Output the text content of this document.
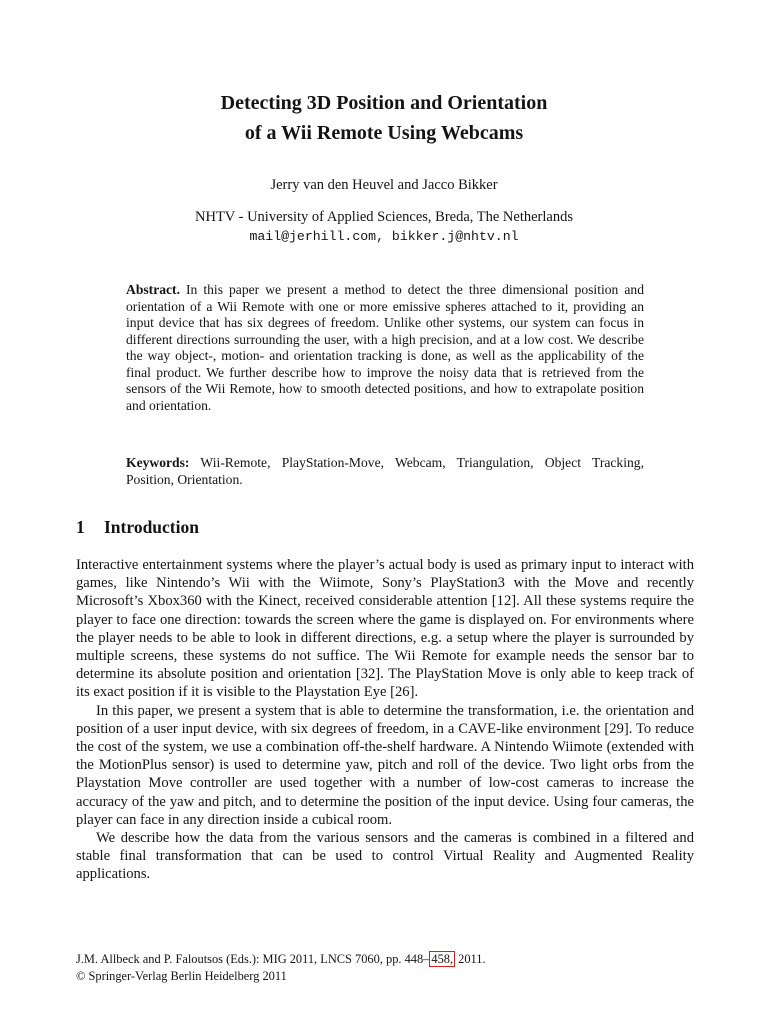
Detecting 3D Position and Orientation
of a Wii Remote Using Webcams
Jerry van den Heuvel and Jacco Bikker
NHTV - University of Applied Sciences, Breda, The Netherlands
mail@jerhill.com, bikker.j@nhtv.nl
Abstract. In this paper we present a method to detect the three dimensional position and orientation of a Wii Remote with one or more emissive spheres attached to it, providing an input device that has six degrees of freedom. Unlike other systems, our system can focus in different directions surrounding the user, with a high precision, and at a low cost. We describe the way object-, motion- and orientation tracking is done, as well as the applicability of the final product. We further describe how to improve the noisy data that is retrieved from the sensors of the Wii Remote, how to smooth detected positions, and how to extrapolate position and orientation.
Keywords: Wii-Remote, PlayStation-Move, Webcam, Triangulation, Object Tracking, Position, Orientation.
1 Introduction

Interactive entertainment systems where the player’s actual body is used as primary input to interact with games, like Nintendo’s Wii with the Wiimote, Sony’s PlayStation3 with the Move and recently Microsoft’s Xbox360 with the Kinect, received considerable attention [12]. All these systems require the player to face one direction: towards the screen where the game is displayed on. For environments where the player needs to be able to look in different directions, e.g. a setup where the player is surrounded by multiple screens, these systems do not suffice. The Wii Remote for example needs the sensor bar to determine its absolute position and orientation [32]. The PlayStation Move is only able to keep track of its exact position if it is visible to the Playstation Eye [26].

In this paper, we present a system that is able to determine the transformation, i.e. the orientation and position of a user input device, with six degrees of freedom, in a CAVE-like environment [29]. To reduce the cost of the system, we use a combination off-the-shelf hardware. A Nintendo Wiimote (extended with the MotionPlus sensor) is used to determine yaw, pitch and roll of the device. Two light orbs from the Playstation Move controller are used together with a number of low-cost cameras to increase the accuracy of the yaw and pitch, and to determine the position of the input device. Using four cameras, the player can face in any direction inside a cubical room.

We describe how the data from the various sensors and the cameras is combined in a filtered and stable final transformation that can be used to control Virtual Reality and Augmented Reality applications.

J.M. Allbeck and P. Faloutsos (Eds.): MIG 2011, LNCS 7060, pp. 448– 458, 2011.
© Springer-Verlag Berlin Heidelberg 2011
